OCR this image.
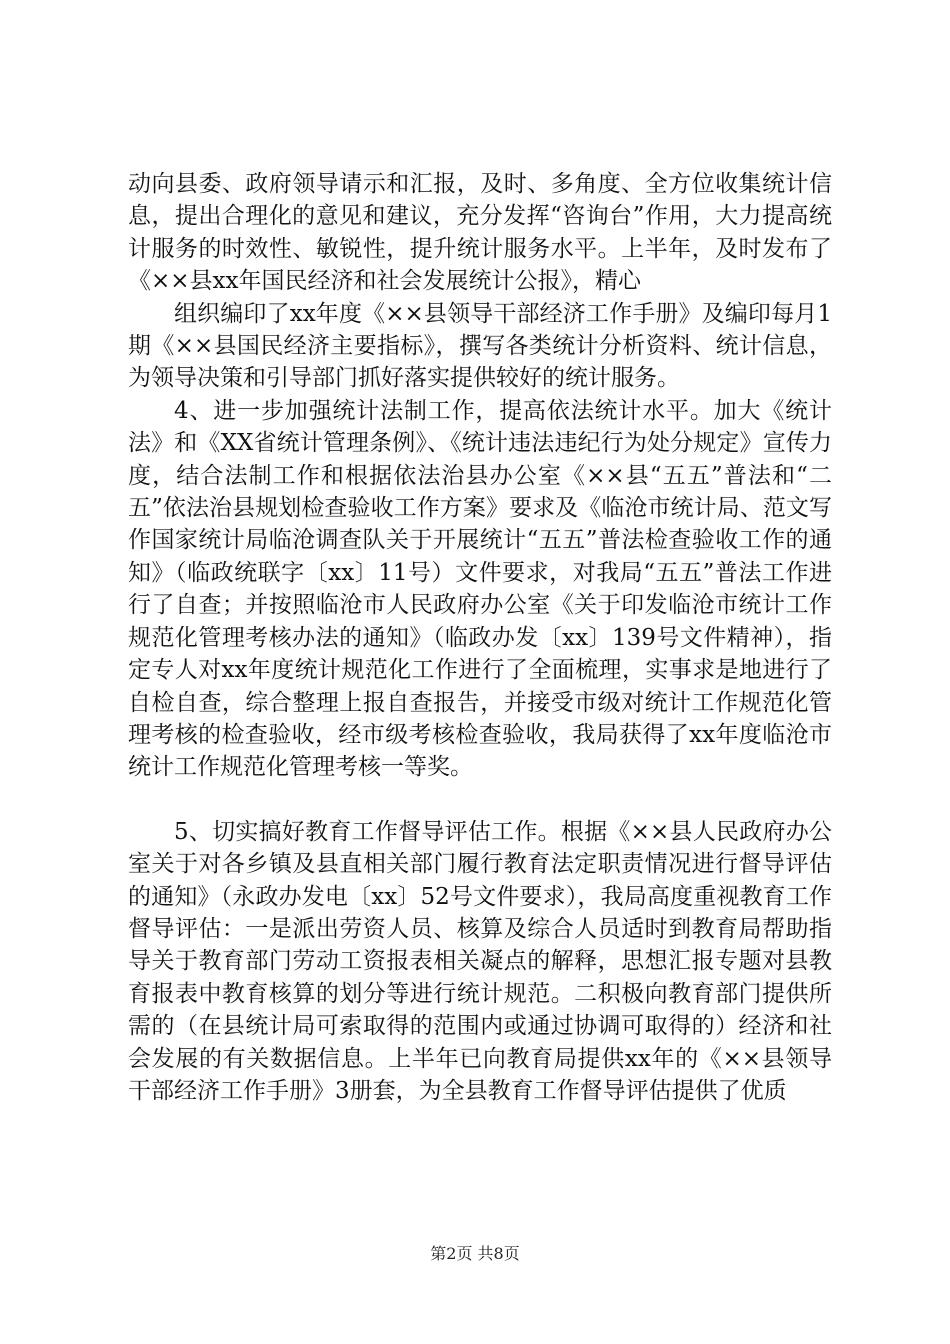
动向县委、政府领导请示和汇报，及时、多角度、全方位收集统计信息，提出合理化的意见和建议，充分发挥“咨询台”作用，大力提高统计服务的时效性、敏锐性，提升统计服务水平。上半年，及时发布了《××县xx年国民经济和社会发展统计公报》，精心

组织编印了xx年度《××县领导干部经济工作手册》及编印每月1期《××县国民经济主要指标》，撰写各类统计分析资料、统计信息，为领导决策和引导部门抓好落实提供较好的统计服务。

4、进一步加强统计法制工作，提高依法统计水平。加大《统计法》和《XX省统计管理条例》、《统计违法违纪行为处分规定》宣传力度，结合法制工作和根据依法治县办公室《××县“五五”普法和“二五”依法治县规划检查验收工作方案》要求及《临沧市统计局、范文写作国家统计局临沧调查队关于开展统计“五五”普法检查验收工作的通知》（临政统联字〔xx〕11号）文件要求，对我局“五五”普法工作进行了自查；并按照临沧市人民政府办公室《关于印发临沧市统计工作规范化管理考核办法的通知》（临政办发〔xx〕139号文件精神），指定专人对xx年度统计规范化工作进行了全面梳理，实事求是地进行了自检自查，综合整理上报自查报告，并接受市级对统计工作规范化管理考核的检查验收，经市级考核检查验收，我局获得了xx年度临沧市统计工作规范化管理考核一等奖。

5、切实搞好教育工作督导评估工作。根据《××县人民政府办公室关于对各乡镇及县直相关部门履行教育法定职责情况进行督导评估的通知》（永政办发电〔xx〕52号文件要求），我局高度重视教育工作督导评估：一是派出劳资人员、核算及综合人员适时到教育局帮助指导关于教育部门劳动工资报表相关凝点的解释，思想汇报专题对县教育报表中教育核算的划分等进行统计规范。二积极向教育部门提供所需的（在县统计局可索取得的范围内或通过协调可取得的）经济和社会发展的有关数据信息。上半年已向教育局提供xx年的《××县领导干部经济工作手册》3册套，为全县教育工作督导评估提供了优质

第2页 共8页
